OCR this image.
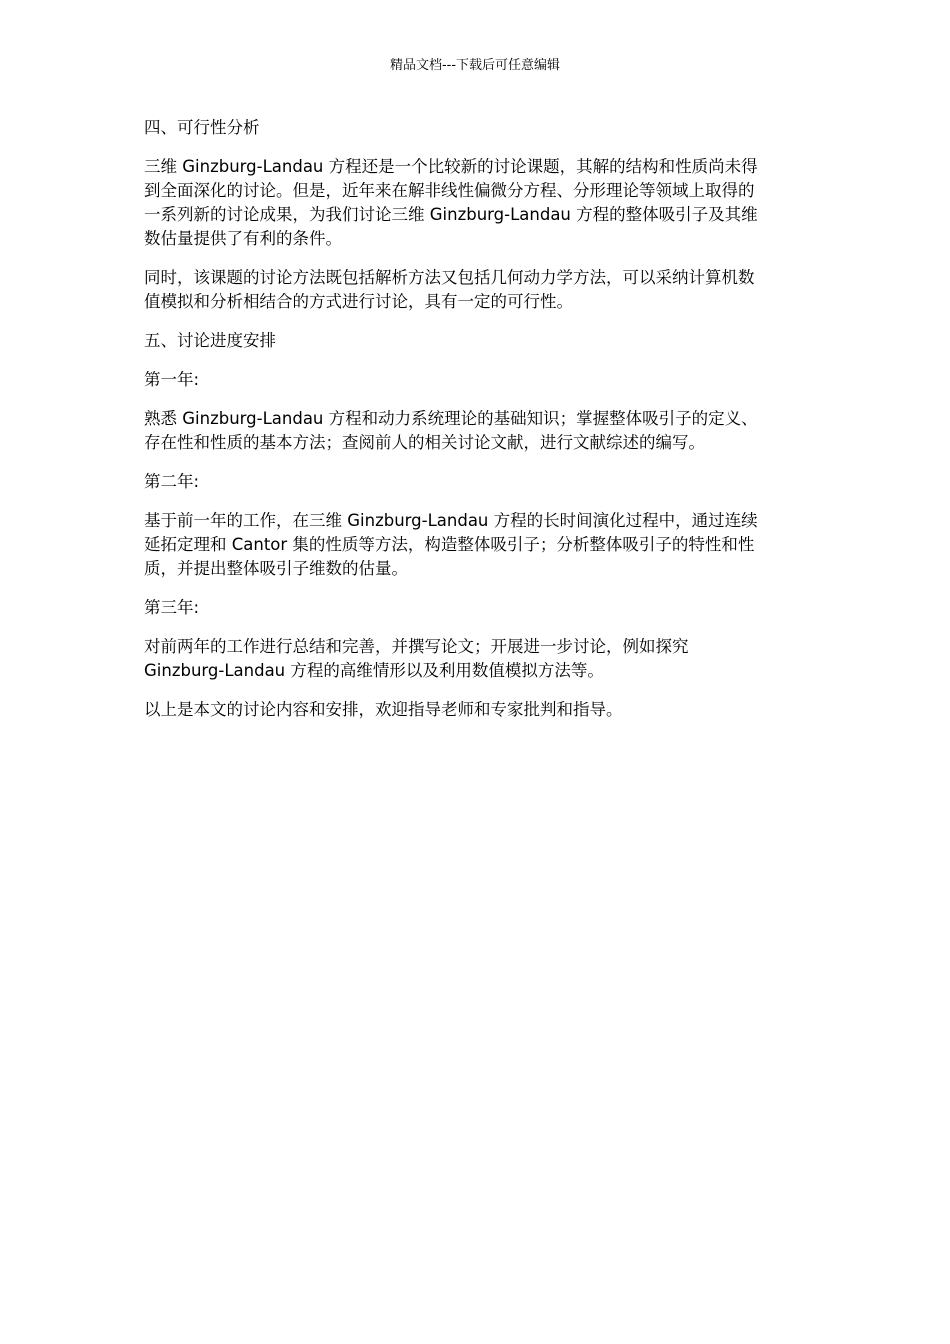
精品文档---下载后可任意编辑

四、可行性分析

三维 Ginzburg-Landau 方程还是一个比较新的讨论课题，其解的结构和性质尚未得
到全面深化的讨论。但是，近年来在解非线性偏微分方程、分形理论等领域上取得的
一系列新的讨论成果，为我们讨论三维 Ginzburg-Landau 方程的整体吸引子及其维
数估量提供了有利的条件。

同时，该课题的讨论方法既包括解析方法又包括几何动力学方法，可以采纳计算机数
值模拟和分析相结合的方式进行讨论，具有一定的可行性。

五、讨论进度安排

第一年:

熟悉 Ginzburg-Landau 方程和动力系统理论的基础知识；掌握整体吸引子的定义、
存在性和性质的基本方法；查阅前人的相关讨论文献，进行文献综述的编写。

第二年:

基于前一年的工作，在三维 Ginzburg-Landau 方程的长时间演化过程中，通过连续
延拓定理和 Cantor 集的性质等方法，构造整体吸引子；分析整体吸引子的特性和性
质，并提出整体吸引子维数的估量。

第三年:

对前两年的工作进行总结和完善，并撰写论文；开展进一步讨论，例如探究
Ginzburg-Landau 方程的高维情形以及利用数值模拟方法等。

以上是本文的讨论内容和安排，欢迎指导老师和专家批判和指导。
